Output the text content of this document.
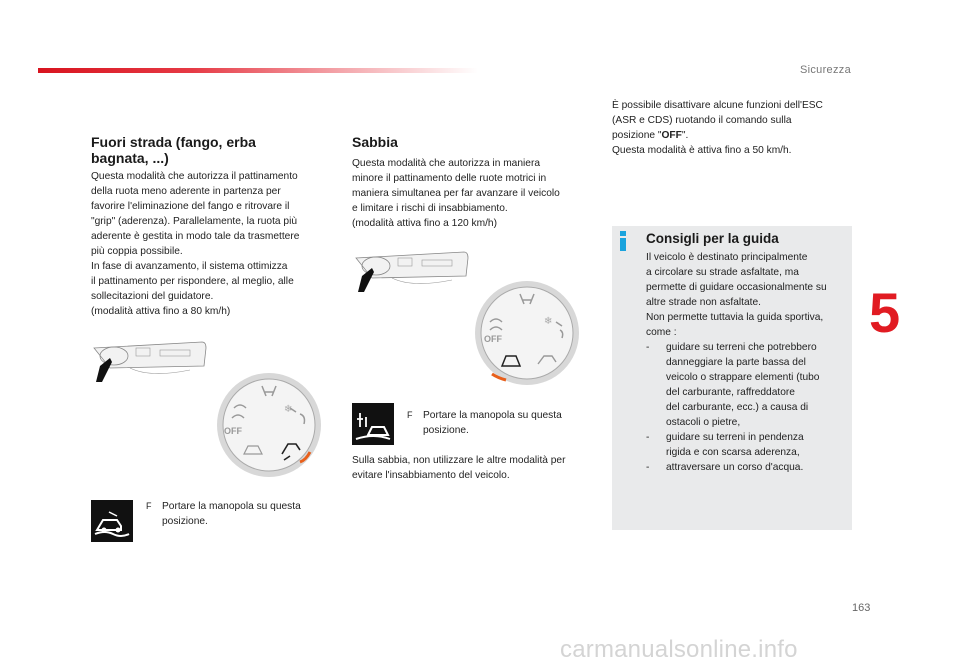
Sicurezza
5
163
carmanualsonline.info
Fuori strada (fango, erba
bagnata, ...)

Questa modalità che autorizza il pattinamento
della ruota meno aderente in partenza per
favorire l'eliminazione del fango e ritrovare il
"grip" (aderenza). Parallelamente, la ruota più
aderente è gestita in modo tale da trasmettere
più coppia possibile.
In fase di avanzamento, il sistema ottimizza
il pattinamento per rispondere, al meglio, alle
sollecitazioni del guidatore.
(modalità attiva fino a 80 km/h)

OFF
❄
F	Portare la manopola su questa
posizione.
Sabbia

Questa modalità che autorizza in maniera
minore il pattinamento delle ruote motrici in
maniera simultanea per far avanzare il veicolo
e limitare i rischi di insabbiamento.
(modalità attiva fino a 120 km/h)

OFF
❄
F	Portare la manopola su questa
posizione.

Sulla sabbia, non utilizzare le altre modalità per
evitare l'insabbiamento del veicolo.

È possibile disattivare alcune funzioni dell'ESC
(ASR e CDS) ruotando il comando sulla
posizione "OFF".
Questa modalità è attiva fino a 50 km/h.

Consigli per la guida

Il veicolo è destinato principalmente
a circolare su strade asfaltate, ma
permette di guidare occasionalmente su
altre strade non asfaltate.
Non permette tuttavia la guida sportiva,
come :

- guidare su terreni che potrebbero
danneggiare la parte bassa del
veicolo o strappare elementi (tubo
del carburante, raffreddatore
del carburante, ecc.) a causa di
ostacoli o pietre,
- guidare su terreni in pendenza
rigida e con scarsa aderenza,
- attraversare un corso d'acqua.
